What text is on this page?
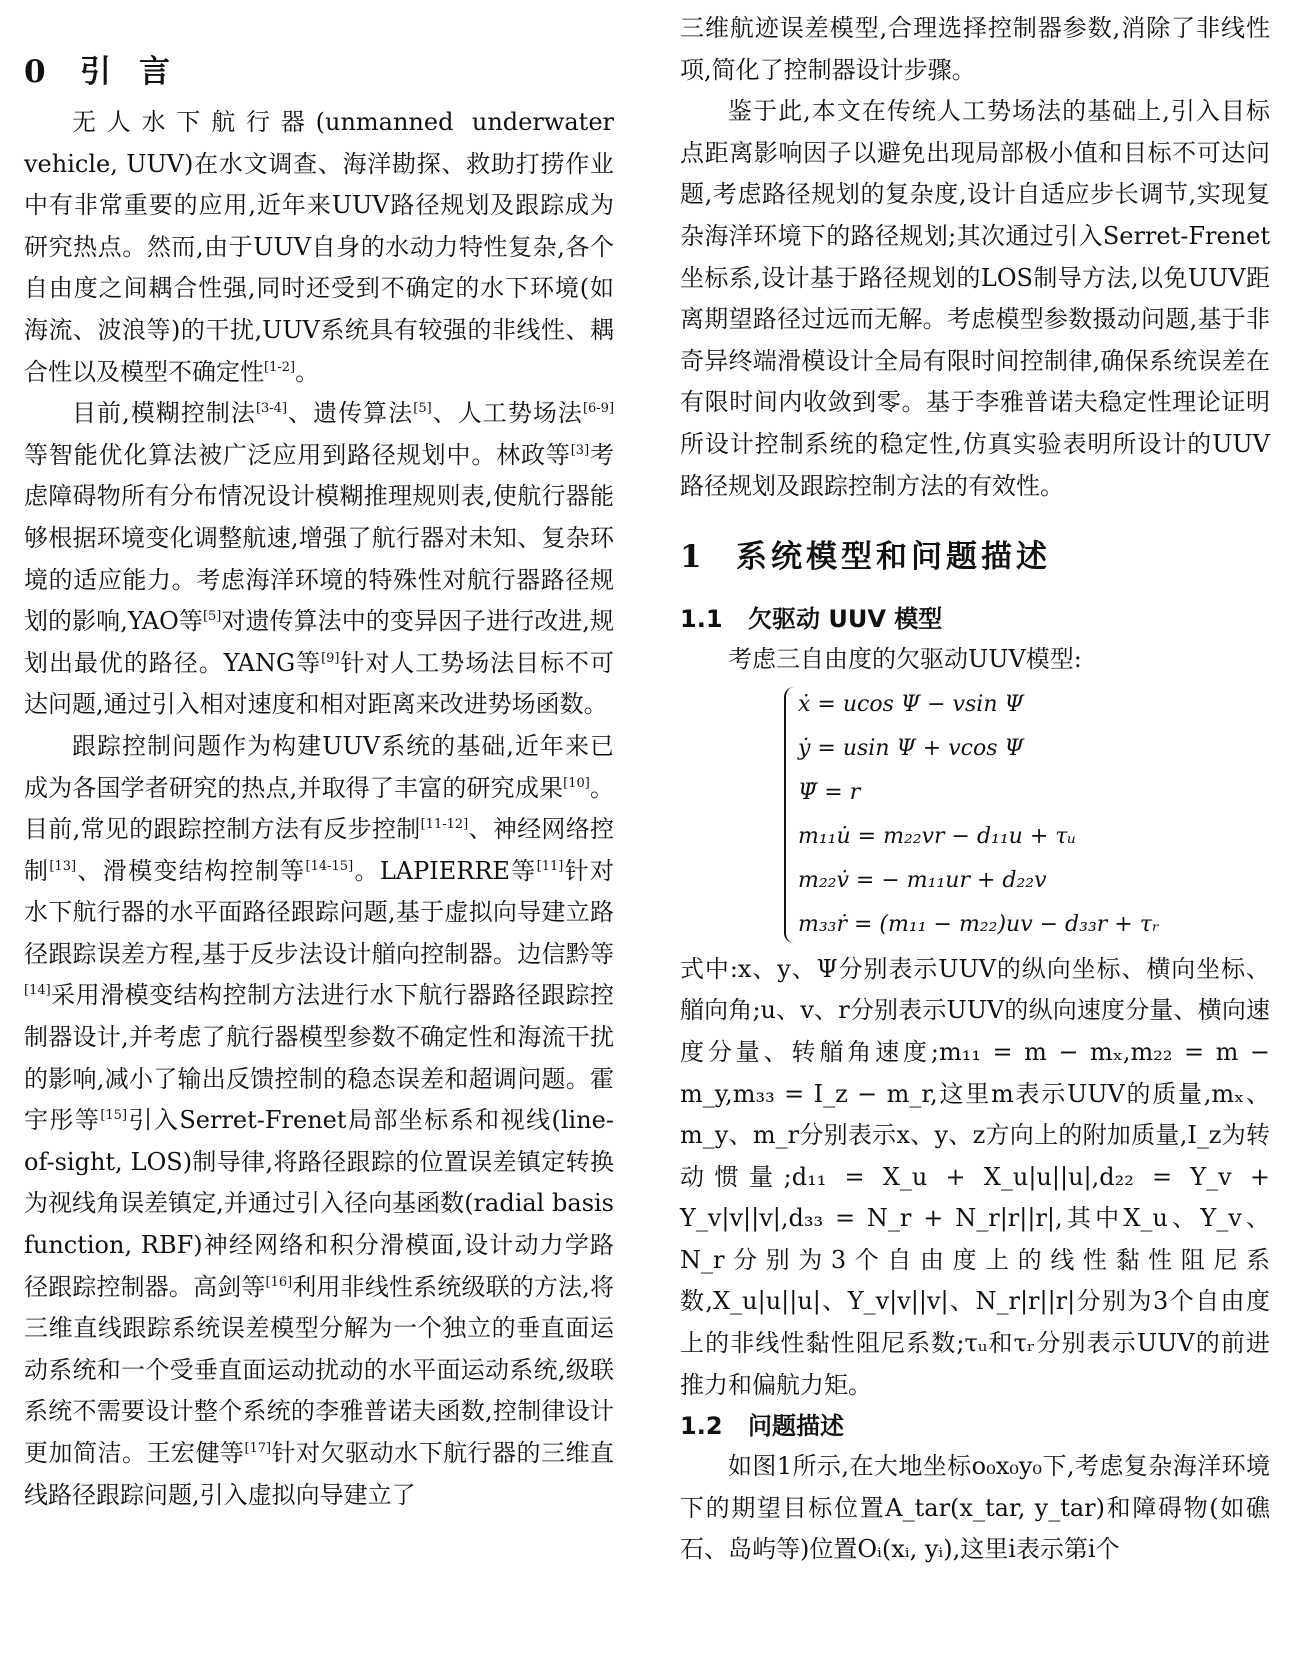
0 引言

无人水下航行器(unmanned underwater vehicle, UUV)在水文调查、海洋勘探、救助打捞作业中有非常重要的应用,近年来UUV路径规划及跟踪成为研究热点。然而,由于UUV自身的水动力特性复杂,各个自由度之间耦合性强,同时还受到不确定的水下环境(如海流、波浪等)的干扰,UUV系统具有较强的非线性、耦合性以及模型不确定性[1-2]。

目前,模糊控制法[3-4]、遗传算法[5]、人工势场法[6-9]等智能优化算法被广泛应用到路径规划中。林政等[3]考虑障碍物所有分布情况设计模糊推理规则表,使航行器能够根据环境变化调整航速,增强了航行器对未知、复杂环境的适应能力。考虑海洋环境的特殊性对航行器路径规划的影响,YAO等[5]对遗传算法中的变异因子进行改进,规划出最优的路径。YANG等[9]针对人工势场法目标不可达问题,通过引入相对速度和相对距离来改进势场函数。

跟踪控制问题作为构建UUV系统的基础,近年来已成为各国学者研究的热点,并取得了丰富的研究成果[10]。目前,常见的跟踪控制方法有反步控制[11-12]、神经网络控制[13]、滑模变结构控制等[14-15]。LAPIERRE等[11]针对水下航行器的水平面路径跟踪问题,基于虚拟向导建立路径跟踪误差方程,基于反步法设计艏向控制器。边信黔等[14]采用滑模变结构控制方法进行水下航行器路径跟踪控制器设计,并考虑了航行器模型参数不确定性和海流干扰的影响,减小了输出反馈控制的稳态误差和超调问题。霍宇彤等[15]引入Serret-Frenet局部坐标系和视线(line-of-sight, LOS)制导律,将路径跟踪的位置误差镇定转换为视线角误差镇定,并通过引入径向基函数(radial basis function, RBF)神经网络和积分滑模面,设计动力学路径跟踪控制器。高剑等[16]利用非线性系统级联的方法,将三维直线跟踪系统误差模型分解为一个独立的垂直面运动系统和一个受垂直面运动扰动的水平面运动系统,级联系统不需要设计整个系统的李雅普诺夫函数,控制律设计更加简洁。王宏健等[17]针对欠驱动水下航行器的三维直线路径跟踪问题,引入虚拟向导建立了

三维航迹误差模型,合理选择控制器参数,消除了非线性项,简化了控制器设计步骤。

鉴于此,本文在传统人工势场法的基础上,引入目标点距离影响因子以避免出现局部极小值和目标不可达问题,考虑路径规划的复杂度,设计自适应步长调节,实现复杂海洋环境下的路径规划;其次通过引入Serret-Frenet坐标系,设计基于路径规划的LOS制导方法,以免UUV距离期望路径过远而无解。考虑模型参数摄动问题,基于非奇异终端滑模设计全局有限时间控制律,确保系统误差在有限时间内收敛到零。基于李雅普诺夫稳定性理论证明所设计控制系统的稳定性,仿真实验表明所设计的UUV路径规划及跟踪控制方法的有效性。

1 系统模型和问题描述
1.1 欠驱动 UUV 模型

考虑三自由度的欠驱动UUV模型:

ẋ = ucos Ψ − vsin Ψ
ẏ = usin Ψ + vcos Ψ
Ψ̇ = r
m₁₁u̇ = m₂₂vr − d₁₁u + τᵤ
m₂₂v̇ = − m₁₁ur + d₂₂v
m₃₃ṙ = (m₁₁ − m₂₂)uv − d₃₃r + τᵣ

式中:x、y、Ψ分别表示UUV的纵向坐标、横向坐标、艏向角;u、v、r分别表示UUV的纵向速度分量、横向速度分量、转艏角速度;m₁₁ = m − mₓ,m₂₂ = m − m_y,m₃₃ = I_z − m_r,这里m表示UUV的质量,mₓ、m_y、m_r分别表示x、y、z方向上的附加质量,I_z为转动惯量;d₁₁ = X_u + X_u|u||u|,d₂₂ = Y_v + Y_v|v||v|,d₃₃ = N_r + N_r|r||r|,其中X_u、Y_v、N_r分别为3个自由度上的线性黏性阻尼系数,X_u|u||u|、Y_v|v||v|、N_r|r||r|分别为3个自由度上的非线性黏性阻尼系数;τᵤ和τᵣ分别表示UUV的前进推力和偏航力矩。

1.2 问题描述

如图1所示,在大地坐标o₀x₀y₀下,考虑复杂海洋环境下的期望目标位置A_tar(x_tar, y_tar)和障碍物(如礁石、岛屿等)位置Oᵢ(xᵢ, yᵢ),这里i表示第i个
